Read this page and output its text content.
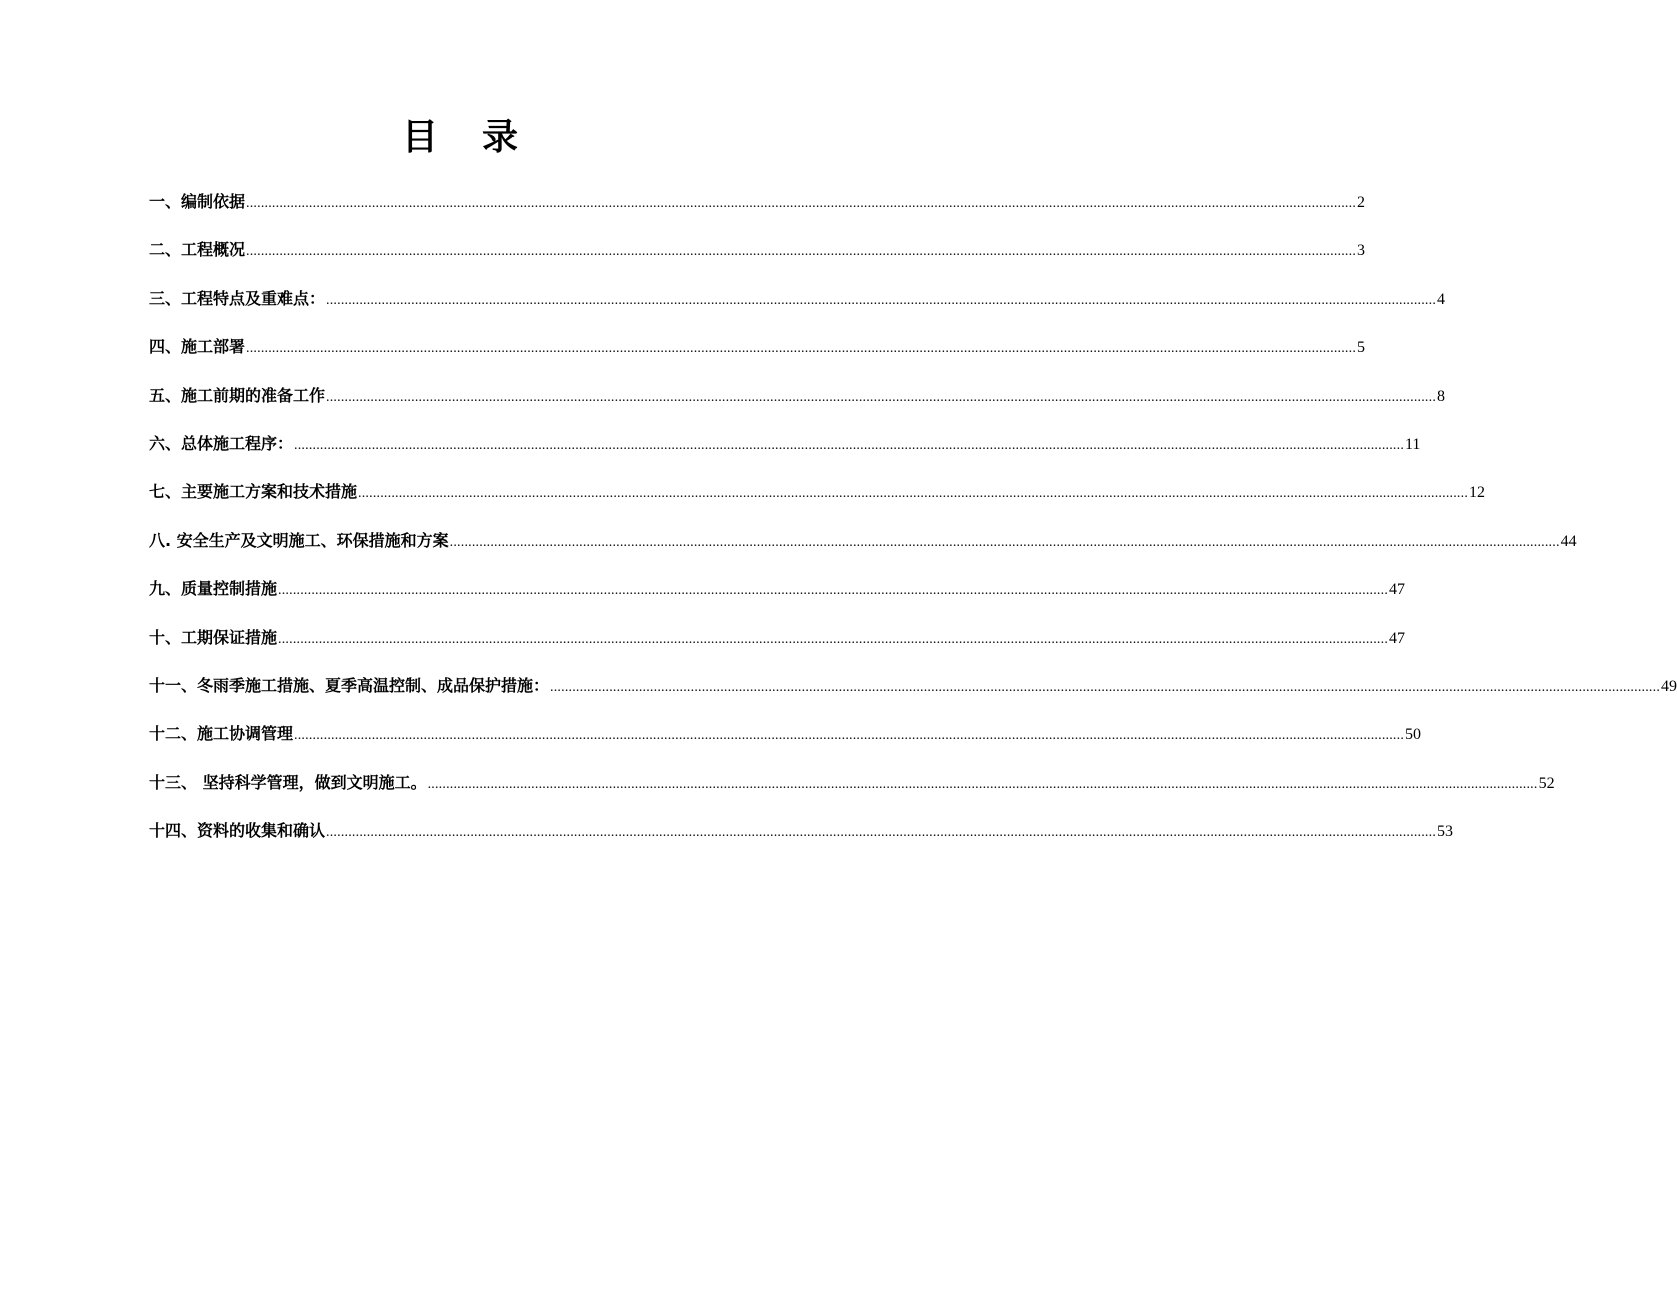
目录
一、编制依据 ............................................................................................................................................................................................................................................................................................................ 2
二、工程概况 ............................................................................................................................................................................................................................................................................................................ 3
三、工程特点及重难点： ............................................................................................................................................................................................................................................................................................................ 4
四、施工部署 ............................................................................................................................................................................................................................................................................................................ 5
五、施工前期的准备工作 ............................................................................................................................................................................................................................................................................................................ 8
六、总体施工程序： ............................................................................................................................................................................................................................................................................................................ 11
七、主要施工方案和技术措施 ............................................................................................................................................................................................................................................................................................................ 12
八. 安全生产及文明施工、环保措施和方案 ............................................................................................................................................................................................................................................................................................................ 44
九、质量控制措施 ............................................................................................................................................................................................................................................................................................................ 47
十、工期保证措施 ............................................................................................................................................................................................................................................................................................................ 47
十一、冬雨季施工措施、夏季高温控制、成品保护措施： ............................................................................................................................................................................................................................................................................................................ 49
十二、施工协调管理 ............................................................................................................................................................................................................................................................................................................ 50
十三、 坚持科学管理，做到文明施工。 ............................................................................................................................................................................................................................................................................................................ 52
十四、资料的收集和确认 ............................................................................................................................................................................................................................................................................................................ 53
